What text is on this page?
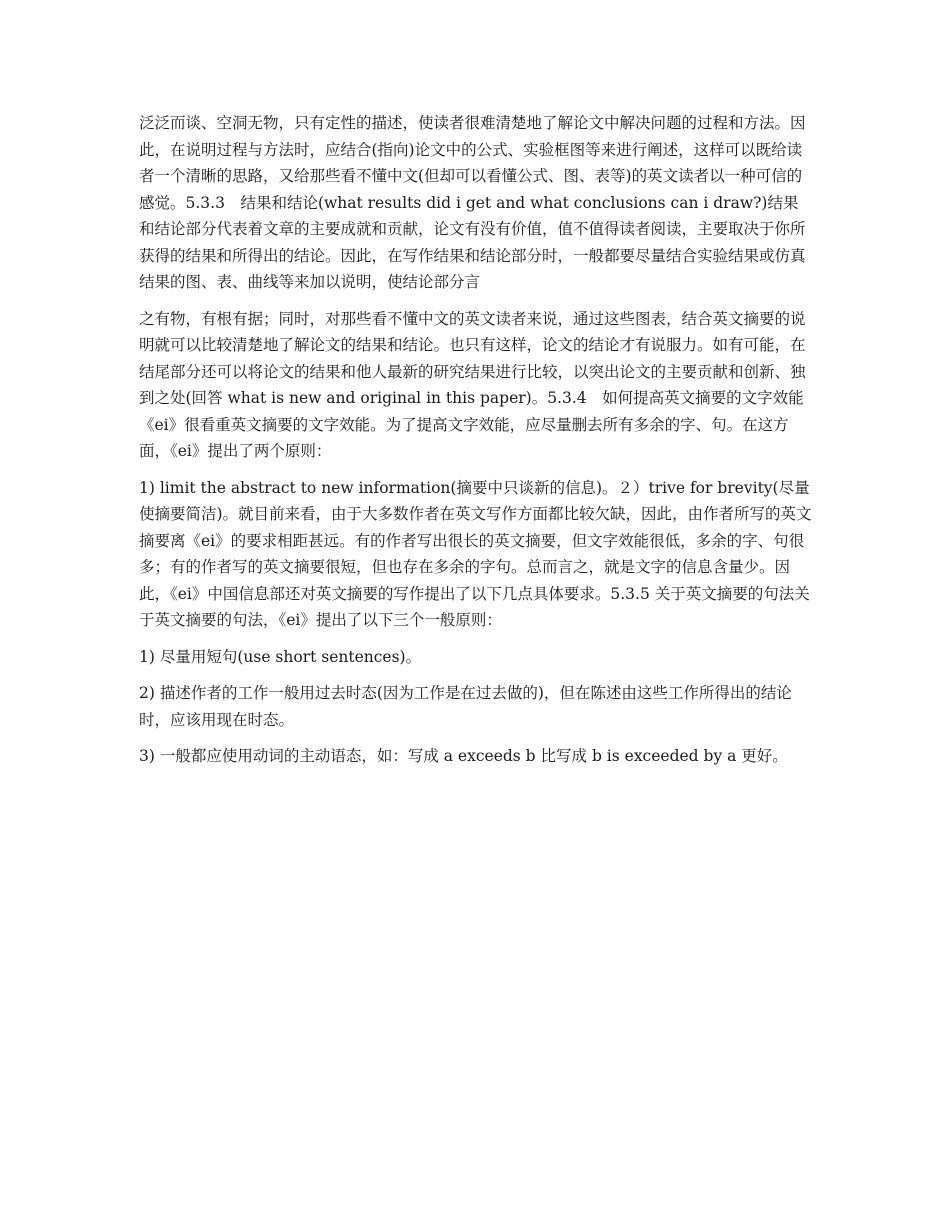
泛泛而谈、空洞无物，只有定性的描述，使读者很难清楚地了解论文中解决问题的过程和方法。因此，在说明过程与方法时，应结合(指向)论文中的公式、实验框图等来进行阐述，这样可以既给读者一个清晰的思路，又给那些看不懂中文(但却可以看懂公式、图、表等)的英文读者以一种可信的感觉。5.3.3　结果和结论(what results did i get and what conclusions can i draw?)结果和结论部分代表着文章的主要成就和贡献，论文有没有价值，值不值得读者阅读，主要取决于你所获得的结果和所得出的结论。因此，在写作结果和结论部分时，一般都要尽量结合实验结果或仿真结果的图、表、曲线等来加以说明，使结论部分言

之有物，有根有据；同时，对那些看不懂中文的英文读者来说，通过这些图表，结合英文摘要的说明就可以比较清楚地了解论文的结果和结论。也只有这样，论文的结论才有说服力。如有可能，在结尾部分还可以将论文的结果和他人最新的研究结果进行比较，以突出论文的主要贡献和创新、独到之处(回答 what is new and original in this paper)。5.3.4　如何提高英文摘要的文字效能《ei》很看重英文摘要的文字效能。为了提高文字效能，应尽量删去所有多余的字、句。在这方面，《ei》提出了两个原则：

1) limit the abstract to new information(摘要中只谈新的信息)。２）trive for brevity(尽量使摘要简洁)。就目前来看，由于大多数作者在英文写作方面都比较欠缺，因此，由作者所写的英文摘要离《ei》的要求相距甚远。有的作者写出很长的英文摘要，但文字效能很低，多余的字、句很多；有的作者写的英文摘要很短，但也存在多余的字句。总而言之，就是文字的信息含量少。因此，《ei》中国信息部还对英文摘要的写作提出了以下几点具体要求。5.3.5 关于英文摘要的句法关于英文摘要的句法，《ei》提出了以下三个一般原则：

1) 尽量用短句(use short sentences)。

2) 描述作者的工作一般用过去时态(因为工作是在过去做的)，但在陈述由这些工作所得出的结论时，应该用现在时态。

3) 一般都应使用动词的主动语态，如：写成 a exceeds b 比写成 b is exceeded by a 更好。
